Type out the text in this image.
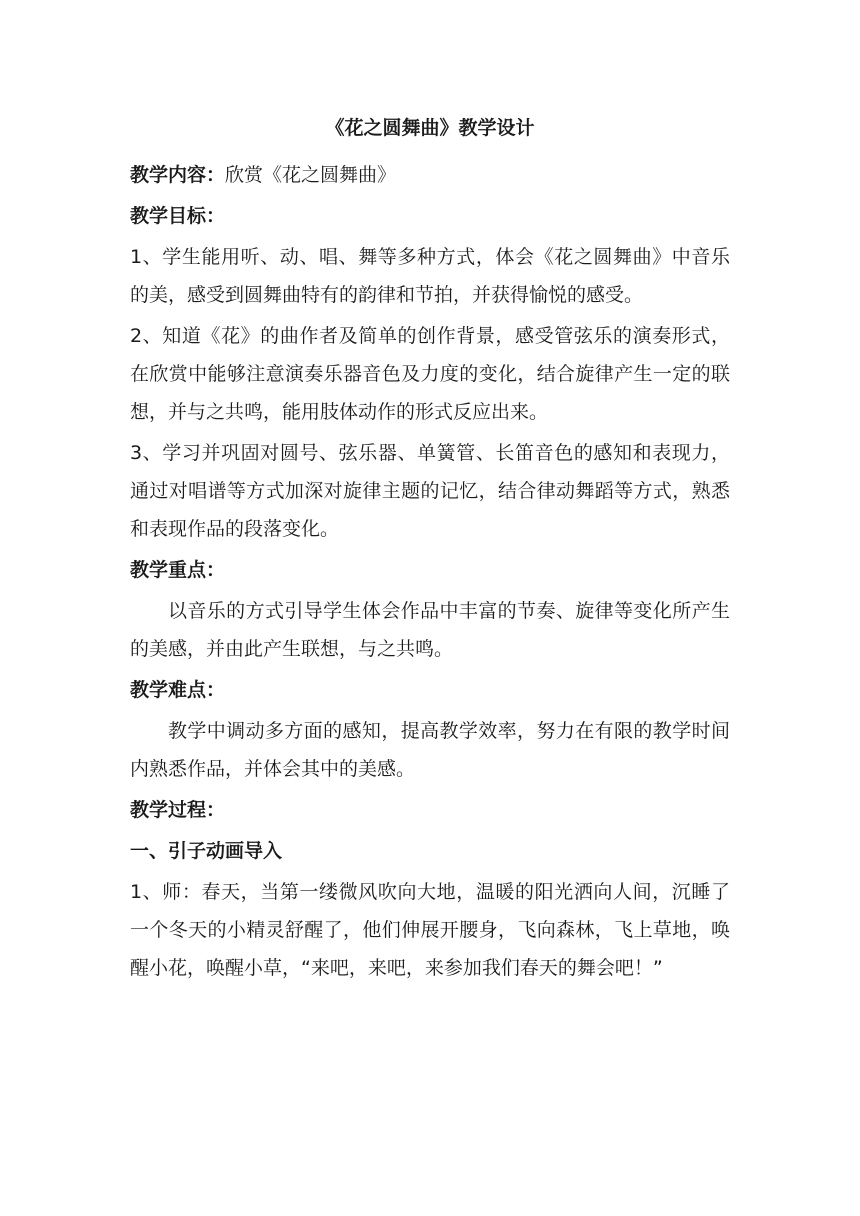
《花之圆舞曲》教学设计
教学内容：欣赏《花之圆舞曲》
教学目标：
1、学生能用听、动、唱、舞等多种方式，体会《花之圆舞曲》中音乐的美，感受到圆舞曲特有的韵律和节拍，并获得愉悦的感受。
2、知道《花》的曲作者及简单的创作背景，感受管弦乐的演奏形式，在欣赏中能够注意演奏乐器音色及力度的变化，结合旋律产生一定的联想，并与之共鸣，能用肢体动作的形式反应出来。
3、学习并巩固对圆号、弦乐器、单簧管、长笛音色的感知和表现力，通过对唱谱等方式加深对旋律主题的记忆，结合律动舞蹈等方式，熟悉和表现作品的段落变化。
教学重点：
以音乐的方式引导学生体会作品中丰富的节奏、旋律等变化所产生的美感，并由此产生联想，与之共鸣。
教学难点：
教学中调动多方面的感知，提高教学效率，努力在有限的教学时间内熟悉作品，并体会其中的美感。
教学过程：
一、引子动画导入
1、师：春天，当第一缕微风吹向大地，温暖的阳光洒向人间，沉睡了一个冬天的小精灵舒醒了，他们伸展开腰身，飞向森林，飞上草地，唤醒小花，唤醒小草，“来吧，来吧，来参加我们春天的舞会吧！”
